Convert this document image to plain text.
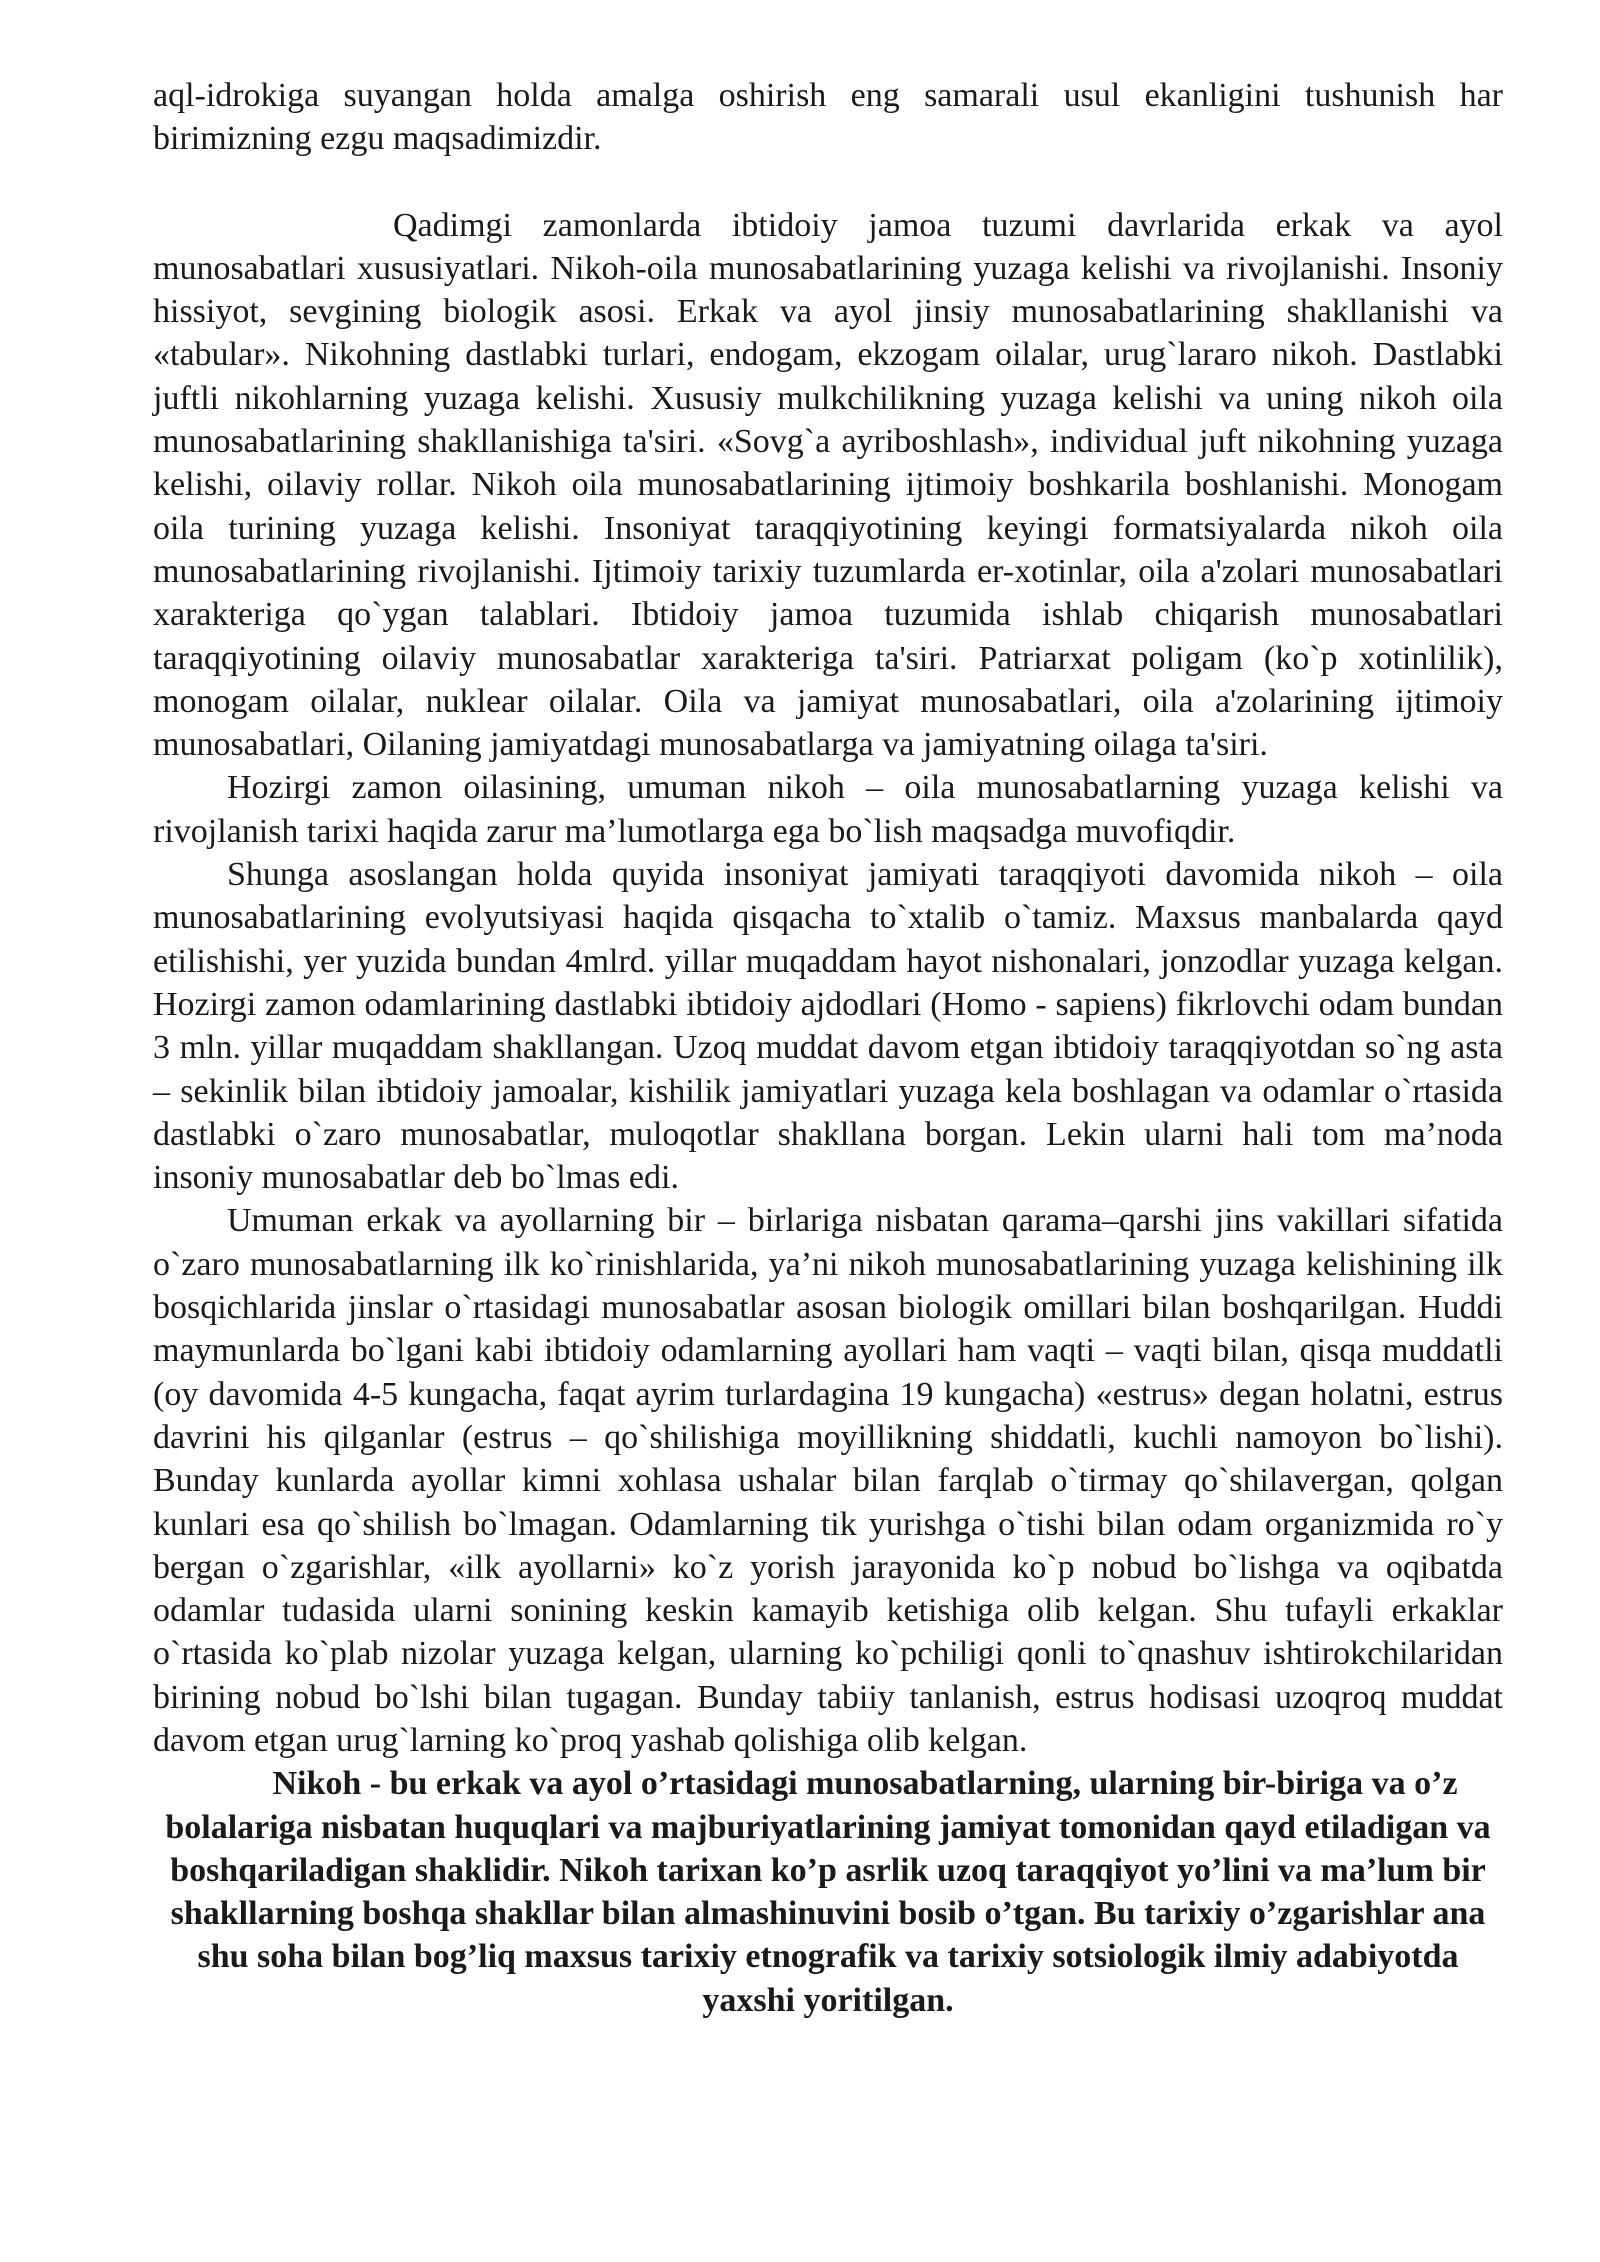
aql-idrokiga suyangan holda amalga oshirish eng samarali usul ekanligini tushunish har birimizning ezgu maqsadimizdir.

Qadimgi zamonlarda ibtidoiy jamoa tuzumi davrlarida erkak va ayol munosabatlari xususiyatlari. Nikoh-oila munosabatlarining yuzaga kelishi va rivojlanishi. Insoniy hissiyot, sevgining biologik asosi. Erkak va ayol jinsiy munosabatlarining shakllanishi va «tabular». Nikohning dastlabki turlari, endogam, ekzogam oilalar, urug`lararo nikoh. Dastlabki juftli nikohlarning yuzaga kelishi. Xususiy mulkchilikning yuzaga kelishi va uning nikoh oila munosabatlarining shakllanishiga ta'siri. «Sovg`a ayriboshlash», individual juft nikohning yuzaga kelishi, oilaviy rollar. Nikoh oila munosabatlarining ijtimoiy boshkarila boshlanishi. Monogam oila turining yuzaga kelishi. Insoniyat taraqqiyotining keyingi formatsiyalarda nikoh oila munosabatlarining rivojlanishi. Ijtimoiy tarixiy tuzumlarda er-xotinlar, oila a'zolari munosabatlari xarakteriga qo`ygan talablari. Ibtidoiy jamoa tuzumida ishlab chiqarish munosabatlari taraqqiyotining oilaviy munosabatlar xarakteriga ta'siri. Patriarxat poligam (ko`p xotinlilik), monogam oilalar, nuklear oilalar. Oila va jamiyat munosabatlari, oila a'zolarining ijtimoiy munosabatlari, Oilaning jamiyatdagi munosabatlarga va jamiyatning oilaga ta'siri.

Hozirgi zamon oilasining, umuman nikoh – oila munosabatlarning yuzaga kelishi va rivojlanish tarixi haqida zarur ma’lumotlarga ega bo`lish maqsadga muvofiqdir.

Shunga asoslangan holda quyida insoniyat jamiyati taraqqiyoti davomida nikoh – oila munosabatlarining evolyutsiyasi haqida qisqacha to`xtalib o`tamiz. Maxsus manbalarda qayd etilishishi, yer yuzida bundan 4mlrd. yillar muqaddam hayot nishonalari, jonzodlar yuzaga kelgan. Hozirgi zamon odamlarining dastlabki ibtidoiy ajdodlari (Homo - sapiens) fikrlovchi odam bundan 3 mln. yillar muqaddam shakllangan. Uzoq muddat davom etgan ibtidoiy taraqqiyotdan so`ng asta – sekinlik bilan ibtidoiy jamoalar, kishilik jamiyatlari yuzaga kela boshlagan va odamlar o`rtasida dastlabki o`zaro munosabatlar, muloqotlar shakllana borgan. Lekin ularni hali tom ma’noda insoniy munosabatlar deb bo`lmas edi.

Umuman erkak va ayollarning bir – birlariga nisbatan qarama–qarshi jins vakillari sifatida o`zaro munosabatlarning ilk ko`rinishlarida, ya’ni nikoh munosabatlarining yuzaga kelishining ilk bosqichlarida jinslar o`rtasidagi munosabatlar asosan biologik omillari bilan boshqarilgan. Huddi maymunlarda bo`lgani kabi ibtidoiy odamlarning ayollari ham vaqti – vaqti bilan, qisqa muddatli (oy davomida 4-5 kungacha, faqat ayrim turlardagina 19 kungacha) «estrus» degan holatni, estrus davrini his qilganlar (estrus – qo`shilishiga moyillikning shiddatli, kuchli namoyon bo`lishi). Bunday kunlarda ayollar kimni xohlasa ushalar bilan farqlab o`tirmay qo`shilavergan, qolgan kunlari esa qo`shilish bo`lmagan. Odamlarning tik yurishga o`tishi bilan odam organizmida ro`y bergan o`zgarishlar, «ilk ayollarni» ko`z yorish jarayonida ko`p nobud bo`lishga va oqibatda odamlar tudasida ularni sonining keskin kamayib ketishiga olib kelgan. Shu tufayli erkaklar o`rtasida ko`plab nizolar yuzaga kelgan, ularning ko`pchiligi qonli to`qnashuv ishtirokchilaridan birining nobud bo`lshi bilan tugagan. Bunday tabiiy tanlanish, estrus hodisasi uzoqroq muddat davom etgan urug`larning ko`proq yashab qolishiga olib kelgan.

Nikoh - bu erkak va ayol o’rtasidagi munosabatlarning, ularning bir-biriga va o’z bolalariga nisbatan huquqlari va majburiyatlarining jamiyat tomonidan qayd etiladigan va boshqariladigan shaklidir. Nikoh tarixan ko’p asrlik uzoq taraqqiyot yo’lini va ma’lum bir shakllarning boshqa shakllar bilan almashinuvini bosib o’tgan. Bu tarixiy o’zgarishlar ana shu soha bilan bog’liq maxsus tarixiy etnografik va tarixiy sotsiologik ilmiy adabiyotda yaxshi yoritilgan.
